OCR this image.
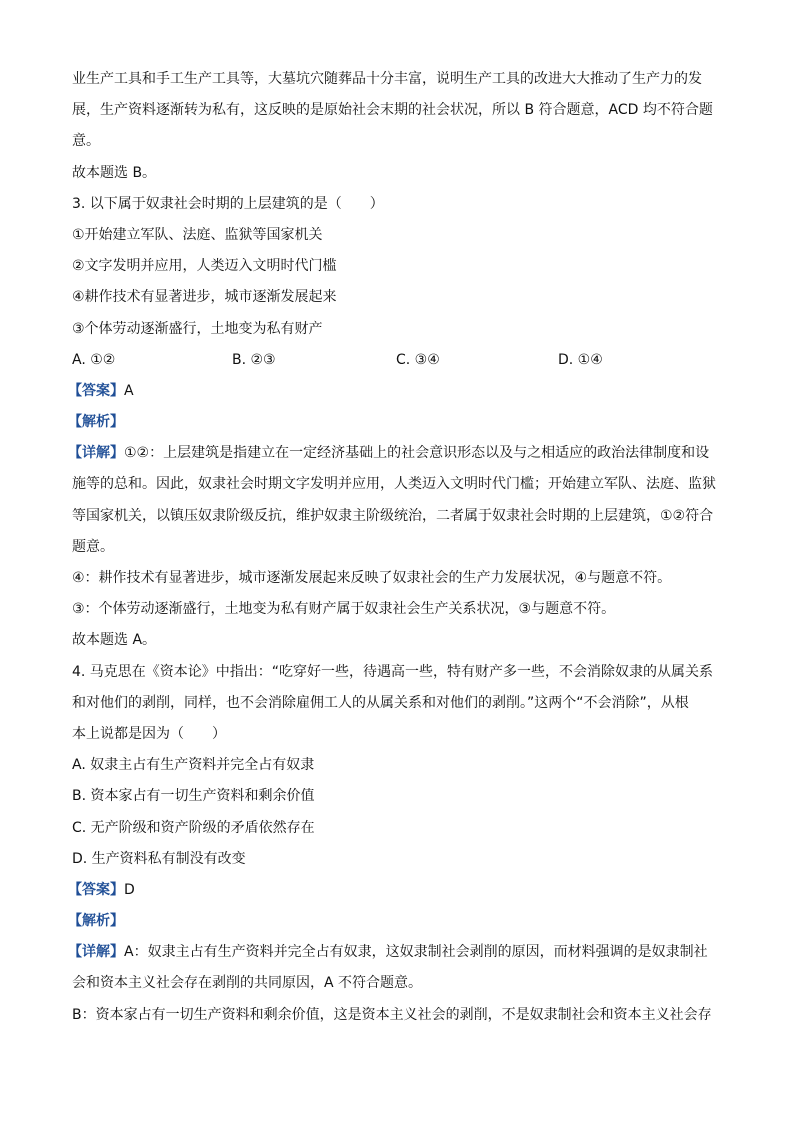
业生产工具和手工生产工具等，大墓坑穴随葬品十分丰富，说明生产工具的改进大大推动了生产力的发
展，生产资料逐渐转为私有，这反映的是原始社会末期的社会状况，所以 B 符合题意，ACD 均不符合题
意。
故本题选 B。
3. 以下属于奴隶社会时期的上层建筑的是（　　）
①开始建立军队、法庭、监狱等国家机关
②文字发明并应用，人类迈入文明时代门槛
④耕作技术有显著进步，城市逐渐发展起来
③个体劳动逐渐盛行，土地变为私有财产
A. ①②	B. ②③	C. ③④	D. ①④
【答案】A
【解析】
【详解】①②：上层建筑是指建立在一定经济基础上的社会意识形态以及与之相适应的政治法律制度和设
施等的总和。因此，奴隶社会时期文字发明并应用，人类迈入文明时代门槛；开始建立军队、法庭、监狱
等国家机关，以镇压奴隶阶级反抗，维护奴隶主阶级统治，二者属于奴隶社会时期的上层建筑，①②符合
题意。
④：耕作技术有显著进步，城市逐渐发展起来反映了奴隶社会的生产力发展状况，④与题意不符。
③：个体劳动逐渐盛行，土地变为私有财产属于奴隶社会生产关系状况，③与题意不符。
故本题选 A。
4. 马克思在《资本论》中指出：“吃穿好一些，待遇高一些，特有财产多一些，不会消除奴隶的从属关系
和对他们的剥削，同样，也不会消除雇佣工人的从属关系和对他们的剥削。”这两个“不会消除”，从根
本上说都是因为（　　）
A. 奴隶主占有生产资料并完全占有奴隶
B. 资本家占有一切生产资料和剩余价值
C. 无产阶级和资产阶级的矛盾依然存在
D. 生产资料私有制没有改变
【答案】D
【解析】
【详解】A：奴隶主占有生产资料并完全占有奴隶，这奴隶制社会剥削的原因，而材料强调的是奴隶制社
会和资本主义社会存在剥削的共同原因，A 不符合题意。
B：资本家占有一切生产资料和剩余价值，这是资本主义社会的剥削，不是奴隶制社会和资本主义社会存
